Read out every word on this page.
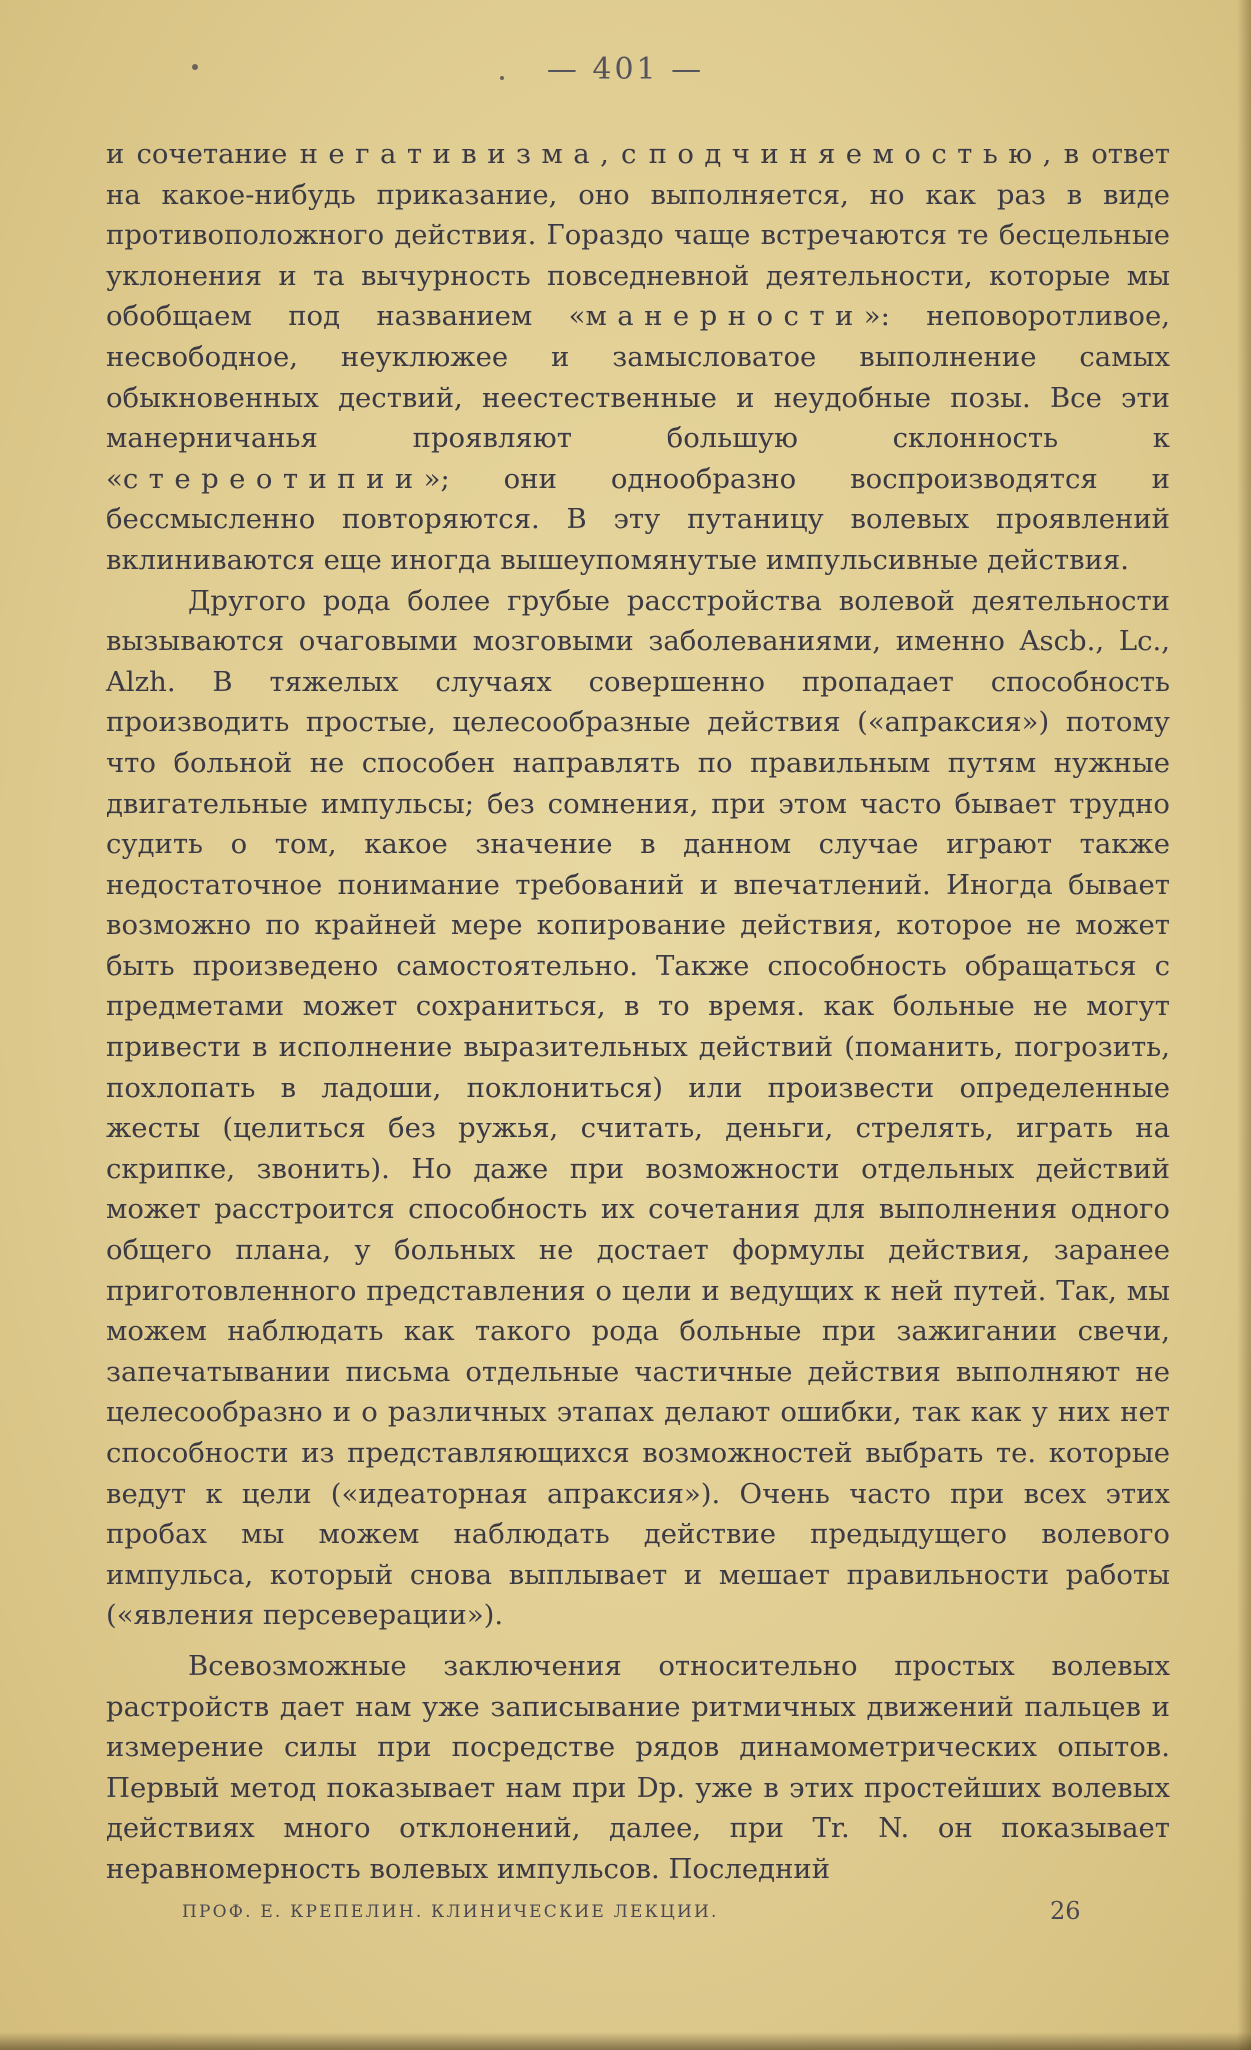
— 401 —

и сочетание негативизма, с подчиняемостью, в ответ на какое-нибудь приказание, оно выполняется, но как раз в виде противоположного действия. Гораздо чаще встречаются те бесцельные уклонения и та вычурность повседневной деятельности, которые мы обобщаем под названием «манерности»: неповоротливое, несвободное, неуклюжее и замысловатое выполнение самых обыкновенных дествий, неестественные и неудобные позы. Все эти манерничанья проявляют большую склонность к «стереотипии»; они однообразно воспроизводятся и бессмысленно повторяются. В эту путаницу волевых проявлений вклиниваются еще иногда вышеупомянутые импульсивные действия.

Другого рода более грубые расстройства волевой деятельности вызываются очаговыми мозговыми заболеваниями, именно Ascb., Lc., Alzh. В тяжелых случаях совершенно пропадает способность производить простые, целесообразные действия («апраксия») потому что больной не способен направлять по правильным путям нужные двигательные импульсы; без сомнения, при этом часто бывает трудно судить о том, какое значение в данном случае играют также недостаточное понимание требований и впечатлений. Иногда бывает возможно по крайней мере копирование действия, которое не может быть произведено самостоятельно. Также способность обращаться с предметами может сохраниться, в то время. как больные не могут привести в исполнение выразительных действий (поманить, погрозить, похлопать в ладоши, поклониться) или произвести определенные жесты (целиться без ружья, считать, деньги, стрелять, играть на скрипке, звонить). Но даже при возможности отдельных действий может расстроится способность их сочетания для выполнения одного общего плана, у больных не достает формулы действия, заранее приготовленного представления о цели и ведущих к ней путей. Так, мы можем наблюдать как такого рода больные при зажигании свечи, запечатывании письма отдельные частичные действия выполняют не целесообразно и о различных этапах делают ошибки, так как у них нет способности из представляющихся возможностей выбрать те. которые ведут к цели («идеаторная апраксия»). Очень часто при всех этих пробах мы можем наблюдать действие предыдущего волевого импульса, который снова выплывает и мешает правильности работы («явления персеверации»).

Всевозможные заключения относительно простых волевых растройств дает нам уже записывание ритмичных движений пальцев и измерение силы при посредстве рядов динамометрических опытов. Первый метод показывает нам при Dp. уже в этих простейших волевых действиях много отклонений, далее, при Tr. N. он показывает неравномерность волевых импульсов. Последний

ПРОФ. Е. КРЕПЕЛИН. КЛИНИЧЕСКИЕ ЛЕКЦИИ.	26
